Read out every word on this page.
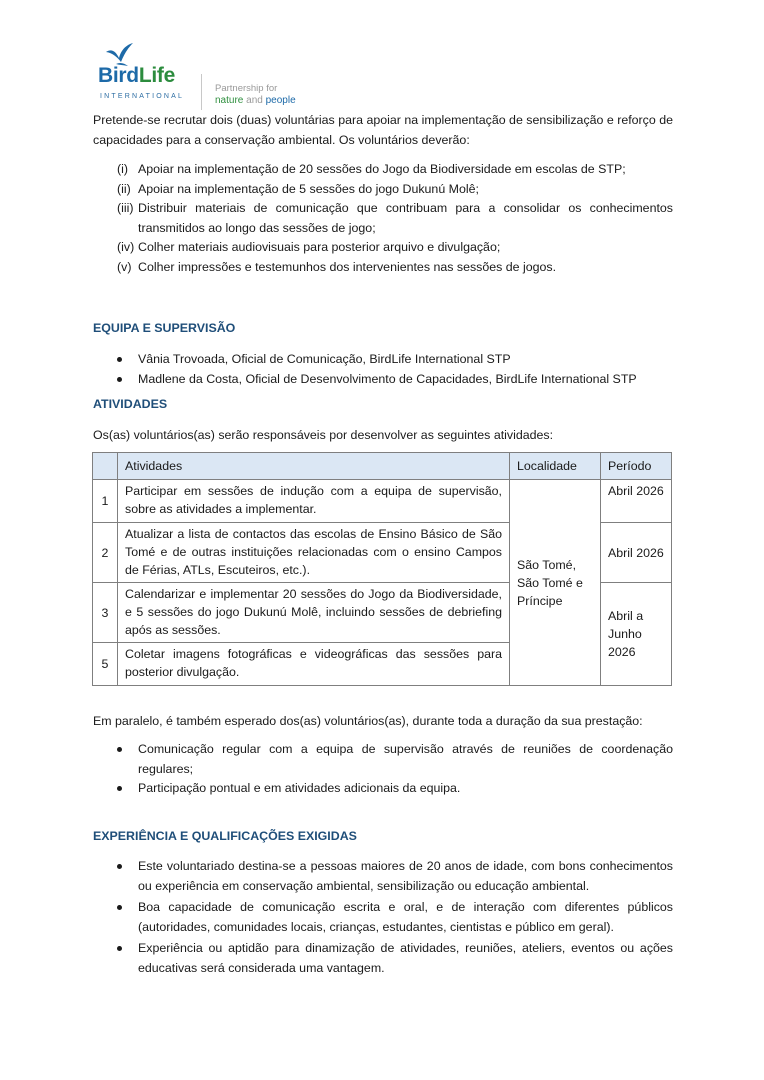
BirdLife
INTERNATIONAL
Partnership for
nature and people

Pretende-se recrutar dois (duas) voluntárias para apoiar na implementação de sensibilização e reforço de capacidades para a conservação ambiental. Os voluntários deverão:

(i) Apoiar na implementação de 20 sessões do Jogo da Biodiversidade em escolas de STP;
(ii) Apoiar na implementação de 5 sessões do jogo Dukunú Molê;
(iii) Distribuir materiais de comunicação que contribuam para a consolidar os conhecimentos transmitidos ao longo das sessões de jogo;
(iv) Colher materiais audiovisuais para posterior arquivo e divulgação;
(v) Colher impressões e testemunhos dos intervenientes nas sessões de jogos.
EQUIPA E SUPERVISÃO
Vânia Trovoada, Oficial de Comunicação, BirdLife International STP
Madlene da Costa, Oficial de Desenvolvimento de Capacidades, BirdLife International STP
ATIVIDADES

Os(as) voluntários(as) serão responsáveis por desenvolver as seguintes atividades:

	Atividades	Localidade	Período
1	Participar em sessões de indução com a equipa de supervisão, sobre as atividades a implementar.	São Tomé, São Tomé e Príncipe	Abril 2026
2	Atualizar a lista de contactos das escolas de Ensino Básico de São Tomé e de outras instituições relacionadas com o ensino Campos de Férias, ATLs, Escuteiros, etc.).		Abril 2026
3	Calendarizar e implementar 20 sessões do Jogo da Biodiversidade, e 5 sessões do jogo Dukunú Molê, incluindo sessões de debriefing após as sessões.		Abril a Junho 2026
5	Coletar imagens fotográficas e videográficas das sessões para posterior divulgação.		

Em paralelo, é também esperado dos(as) voluntários(as), durante toda a duração da sua prestação:

Comunicação regular com a equipa de supervisão através de reuniões de coordenação regulares;
Participação pontual e em atividades adicionais da equipa.
EXPERIÊNCIA E QUALIFICAÇÕES EXIGIDAS
Este voluntariado destina-se a pessoas maiores de 20 anos de idade, com bons conhecimentos ou experiência em conservação ambiental, sensibilização ou educação ambiental.
Boa capacidade de comunicação escrita e oral, e de interação com diferentes públicos (autoridades, comunidades locais, crianças, estudantes, cientistas e público em geral).
Experiência ou aptidão para dinamização de atividades, reuniões, ateliers, eventos ou ações educativas será considerada uma vantagem.
